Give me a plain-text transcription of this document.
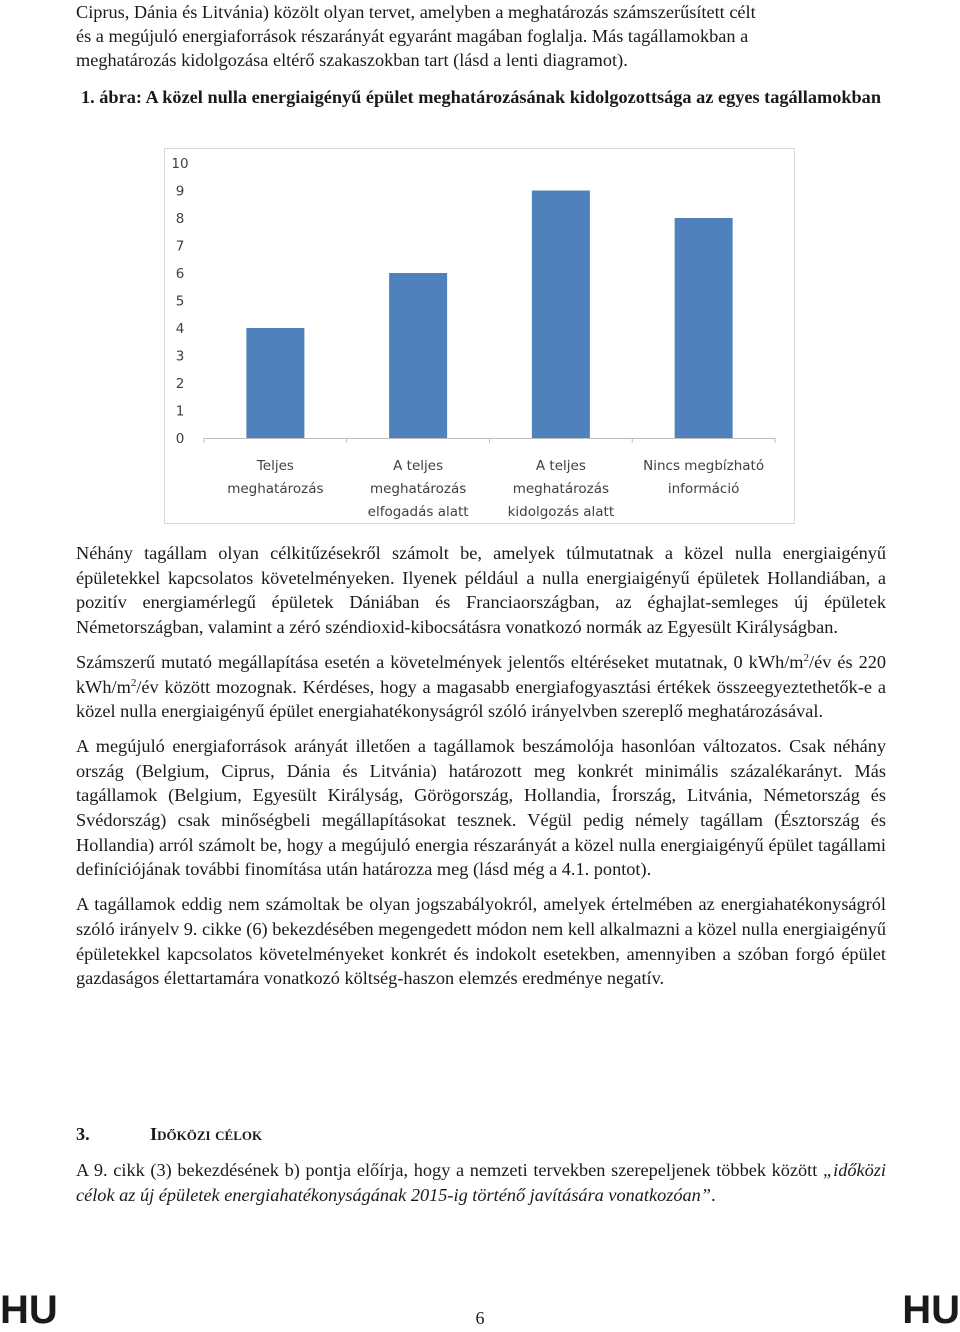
Ciprus, Dánia és Litvánia) közölt olyan tervet, amelyben a meghatározás számszerűsített célt

és a megújuló energiaforrások részarányát egyaránt magában foglalja. Más tagállamokban a

meghatározás kidolgozása eltérő szakaszokban tart (lásd a lenti diagramot).

1. ábra: A közel nulla energiaigényű épület meghatározásának kidolgozottsága az egyes tagállamokban
0
1
2
3
4
5
6
7
8
9
10
Teljes meghatározás
A teljes meghatározás elfogadás alatt
A teljes meghatározás kidolgozás alatt
Nincs megbízható információ

Néhány tagállam olyan célkitűzésekről számolt be, amelyek túlmutatnak a közel nulla energiaigényű épületekkel kapcsolatos követelményeken. Ilyenek például a nulla energiaigényű épületek Hollandiában, a pozitív energiamérlegű épületek Dániában és Franciaországban, az éghajlat-semleges új épületek Németországban, valamint a zéró széndioxid-kibocsátásra vonatkozó normák az Egyesült Királyságban.

Számszerű mutató megállapítása esetén a követelmények jelentős eltéréseket mutatnak, 0 kWh/$m^2/év$ és 220 kWh/$m^2/év$ között mozognak. Kérdéses, hogy a magasabb energiafogyasztási értékek összeegyeztethetők-e a közel nulla energiaigényű épület energiahatékonyságról szóló irányelvben szereplő meghatározásával.

A megújuló energiaforrások arányát illetően a tagállamok beszámolója hasonlóan változatos. Csak néhány ország (Belgium, Ciprus, Dánia és Litvánia) határozott meg konkrét minimális százalékarányt. Más tagállamok (Belgium, Egyesült Királyság, Görögország, Hollandia, Írország, Litvánia, Németország és Svédország) csak minőségbeli megállapításokat tesznek. Végül pedig némely tagállam (Észtország és Hollandia) arról számolt be, hogy a megújuló energia részarányát a közel nulla energiaigényű épület tagállami definíciójának további finomítása után határozza meg (lásd még a 4.1. pontot).

A tagállamok eddig nem számoltak be olyan jogszabályokról, amelyek értelmében az energiahatékonyságról szóló irányelv 9. cikke (6) bekezdésében megengedett módon nem kell alkalmazni a közel nulla energiaigényű épületekkel kapcsolatos követelményeket konkrét és indokolt esetekben, amennyiben a szóban forgó épület gazdaságos élettartamára vonatkozó költség-haszon elemzés eredménye negatív.

3.	Időközi célok

A 9. cikk (3) bekezdésének b) pontja előírja, hogy a nemzeti tervekben szerepeljenek többek között „időközi célok az új épületek energiahatékonyságának 2015-ig történő javítására vonatkozóan”.

HU	6	HU
